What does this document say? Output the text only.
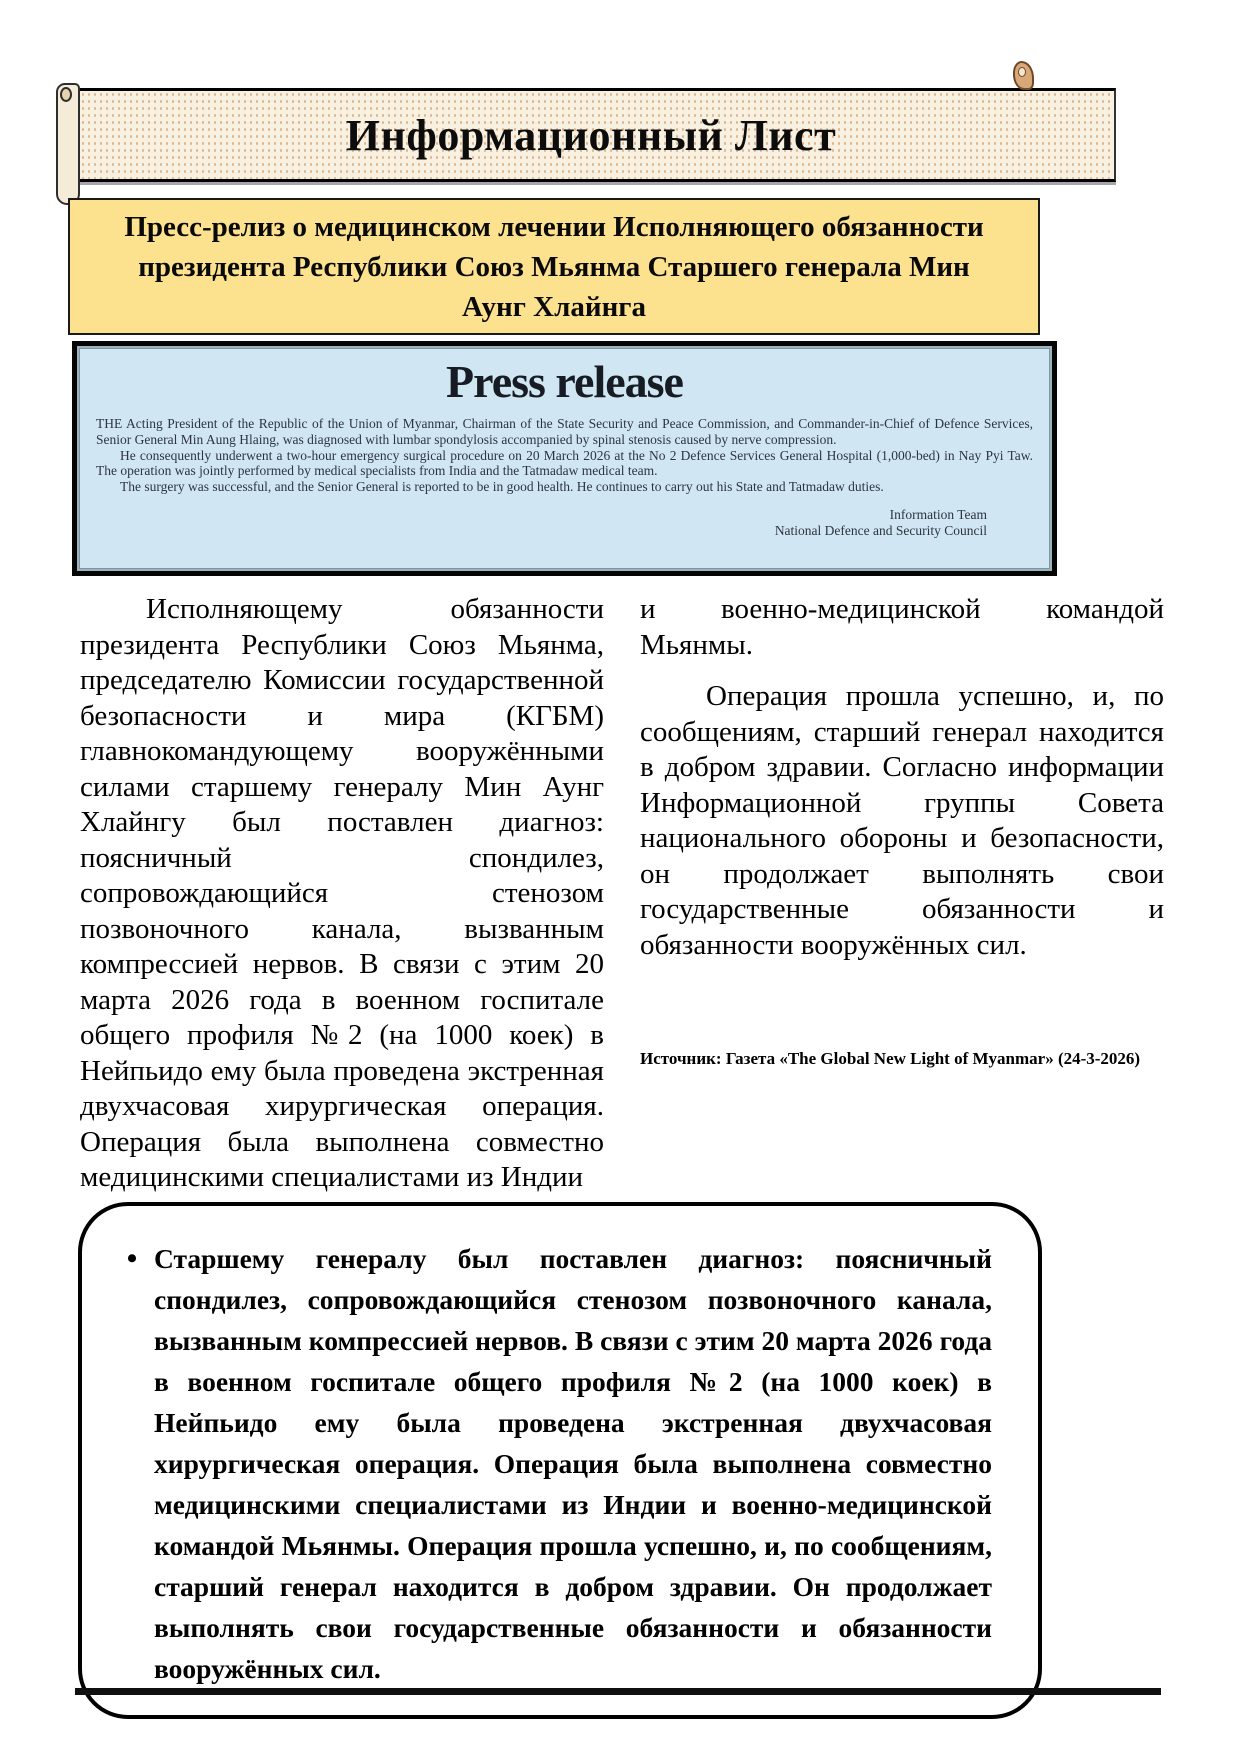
Информационный Лист
Пресс-релиз о медицинском лечении Исполняющего обязанности президента Республики Союз Мьянма Старшего генерала Мин Аунг Хлайнга
Press release

THE Acting President of the Republic of the Union of Myanmar, Chairman of the State Security and Peace Commission, and Commander-in-Chief of Defence Services, Senior General Min Aung Hlaing, was diagnosed with lumbar spondylosis accompanied by spinal stenosis caused by nerve compression.

He consequently underwent a two-hour emergency surgical procedure on 20 March 2026 at the No 2 Defence Services General Hospital (1,000-bed) in Nay Pyi Taw. The operation was jointly performed by medical specialists from India and the Tatmadaw medical team.

The surgery was successful, and the Senior General is reported to be in good health. He continues to carry out his State and Tatmadaw duties.

Information Team
National Defence and Security Council

Исполняющему обязанности президента Республики Союз Мьянма, председателю Комиссии государственной безопасности и мира (КГБМ) главнокомандующему вооружёнными силами старшему генералу Мин Аунг Хлайнгу был поставлен диагноз: поясничный спондилез, сопровождающийся стенозом позвоночного канала, вызванным компрессией нервов. В связи с этим 20 марта 2026 года в военном госпитале общего профиля №2 (на 1000 коек) в Нейпьидо ему была проведена экстренная двухчасовая хирургическая операция. Операция была выполнена совместно медицинскими специалистами из Индии

и военно-медицинской командой Мьянмы.

Операция прошла успешно, и, по сообщениям, старший генерал находится в добром здравии. Согласно информации Информационной группы Совета национального обороны и безопасности, он продолжает выполнять свои государственные обязанности и обязанности вооружённых сил.

Источник: Газета «The Global New Light of Myanmar» (24-3-2026)

• Старшему генералу был поставлен диагноз: поясничный спондилез, сопровождающийся стенозом позвоночного канала, вызванным компрессией нервов. В связи с этим 20 марта 2026 года в военном госпитале общего профиля №2 (на 1000 коек) в Нейпьидо ему была проведена экстренная двухчасовая хирургическая операция. Операция была выполнена совместно медицинскими специалистами из Индии и военно-медицинской командой Мьянмы. Операция прошла успешно, и, по сообщениям, старший генерал находится в добром здравии. Он продолжает выполнять свои государственные обязанности и обязанности вооружённых сил.
